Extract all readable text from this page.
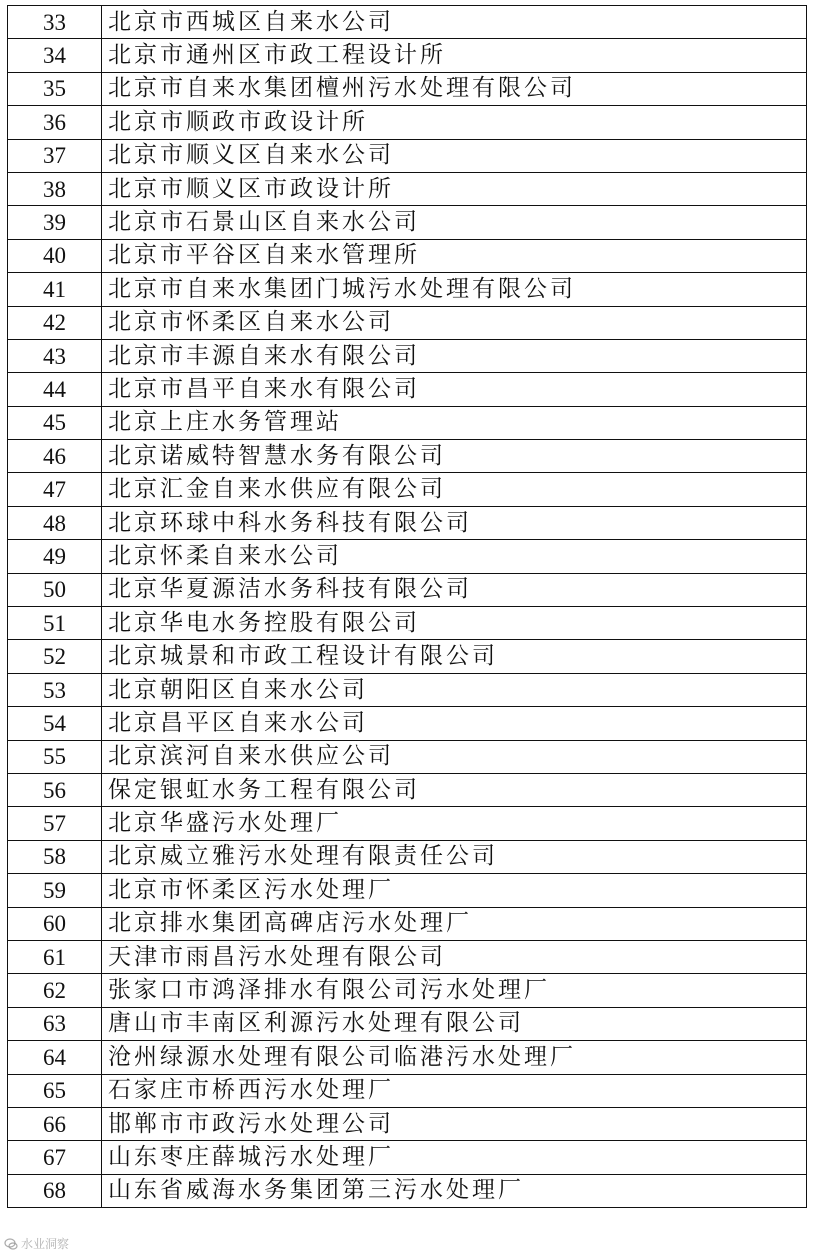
33	北京市西城区自来水公司
34	北京市通州区市政工程设计所
35	北京市自来水集团檀州污水处理有限公司
36	北京市顺政市政设计所
37	北京市顺义区自来水公司
38	北京市顺义区市政设计所
39	北京市石景山区自来水公司
40	北京市平谷区自来水管理所
41	北京市自来水集团门城污水处理有限公司
42	北京市怀柔区自来水公司
43	北京市丰源自来水有限公司
44	北京市昌平自来水有限公司
45	北京上庄水务管理站
46	北京诺威特智慧水务有限公司
47	北京汇金自来水供应有限公司
48	北京环球中科水务科技有限公司
49	北京怀柔自来水公司
50	北京华夏源洁水务科技有限公司
51	北京华电水务控股有限公司
52	北京城景和市政工程设计有限公司
53	北京朝阳区自来水公司
54	北京昌平区自来水公司
55	北京滨河自来水供应公司
56	保定银虹水务工程有限公司
57	北京华盛污水处理厂
58	北京威立雅污水处理有限责任公司
59	北京市怀柔区污水处理厂
60	北京排水集团高碑店污水处理厂
61	天津市雨昌污水处理有限公司
62	张家口市鸿泽排水有限公司污水处理厂
63	唐山市丰南区利源污水处理有限公司
64	沧州绿源水处理有限公司临港污水处理厂
65	石家庄市桥西污水处理厂
66	邯郸市市政污水处理公司
67	山东枣庄薛城污水处理厂
68	山东省威海水务集团第三污水处理厂
水业洞察
